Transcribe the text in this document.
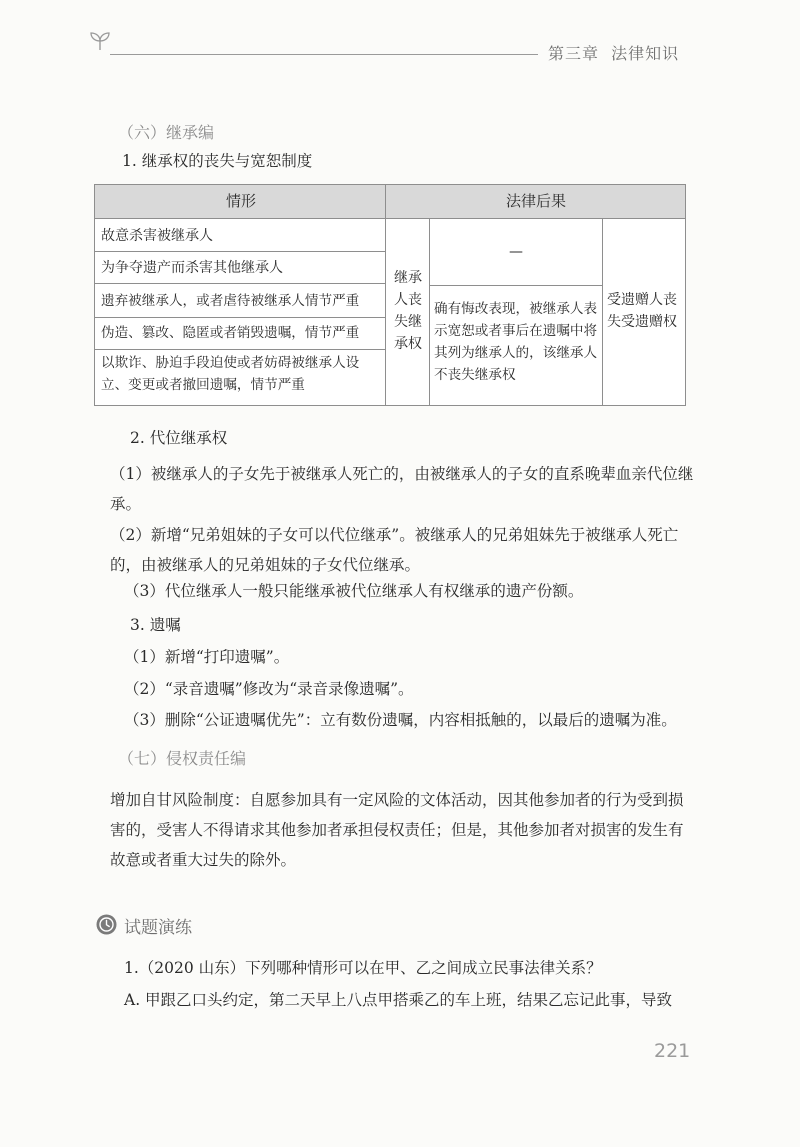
第三章 法律知识
（六）继承编
1. 继承权的丧失与宽恕制度
情形	法律后果
故意杀害被继承人
为争夺遗产而杀害其他继承人
遗弃被继承人，或者虐待被继承人情节严重
伪造、篡改、隐匿或者销毁遗嘱，情节严重
以欺诈、胁迫手段迫使或者妨碍被继承人设立、变更或者撤回遗嘱，情节严重
继承人丧失继承权
—
确有悔改表现，被继承人表示宽恕或者事后在遗嘱中将其列为继承人的，该继承人不丧失继承权
受遗赠人丧失受遗赠权
2. 代位继承权
（1）被继承人的子女先于被继承人死亡的，由被继承人的子女的直系晚辈血亲代位继承。
（2）新增“兄弟姐妹的子女可以代位继承”。被继承人的兄弟姐妹先于被继承人死亡的，由被继承人的兄弟姐妹的子女代位继承。
（3）代位继承人一般只能继承被代位继承人有权继承的遗产份额。
3. 遗嘱
（1）新增“打印遗嘱”。
（2）“录音遗嘱”修改为“录音录像遗嘱”。
（3）删除“公证遗嘱优先”：立有数份遗嘱，内容相抵触的，以最后的遗嘱为准。
（七）侵权责任编
增加自甘风险制度：自愿参加具有一定风险的文体活动，因其他参加者的行为受到损害的，受害人不得请求其他参加者承担侵权责任；但是，其他参加者对损害的发生有故意或者重大过失的除外。
试题演练
1.（2020 山东）下列哪种情形可以在甲、乙之间成立民事法律关系？
A. 甲跟乙口头约定，第二天早上八点甲搭乘乙的车上班，结果乙忘记此事，导致
221
